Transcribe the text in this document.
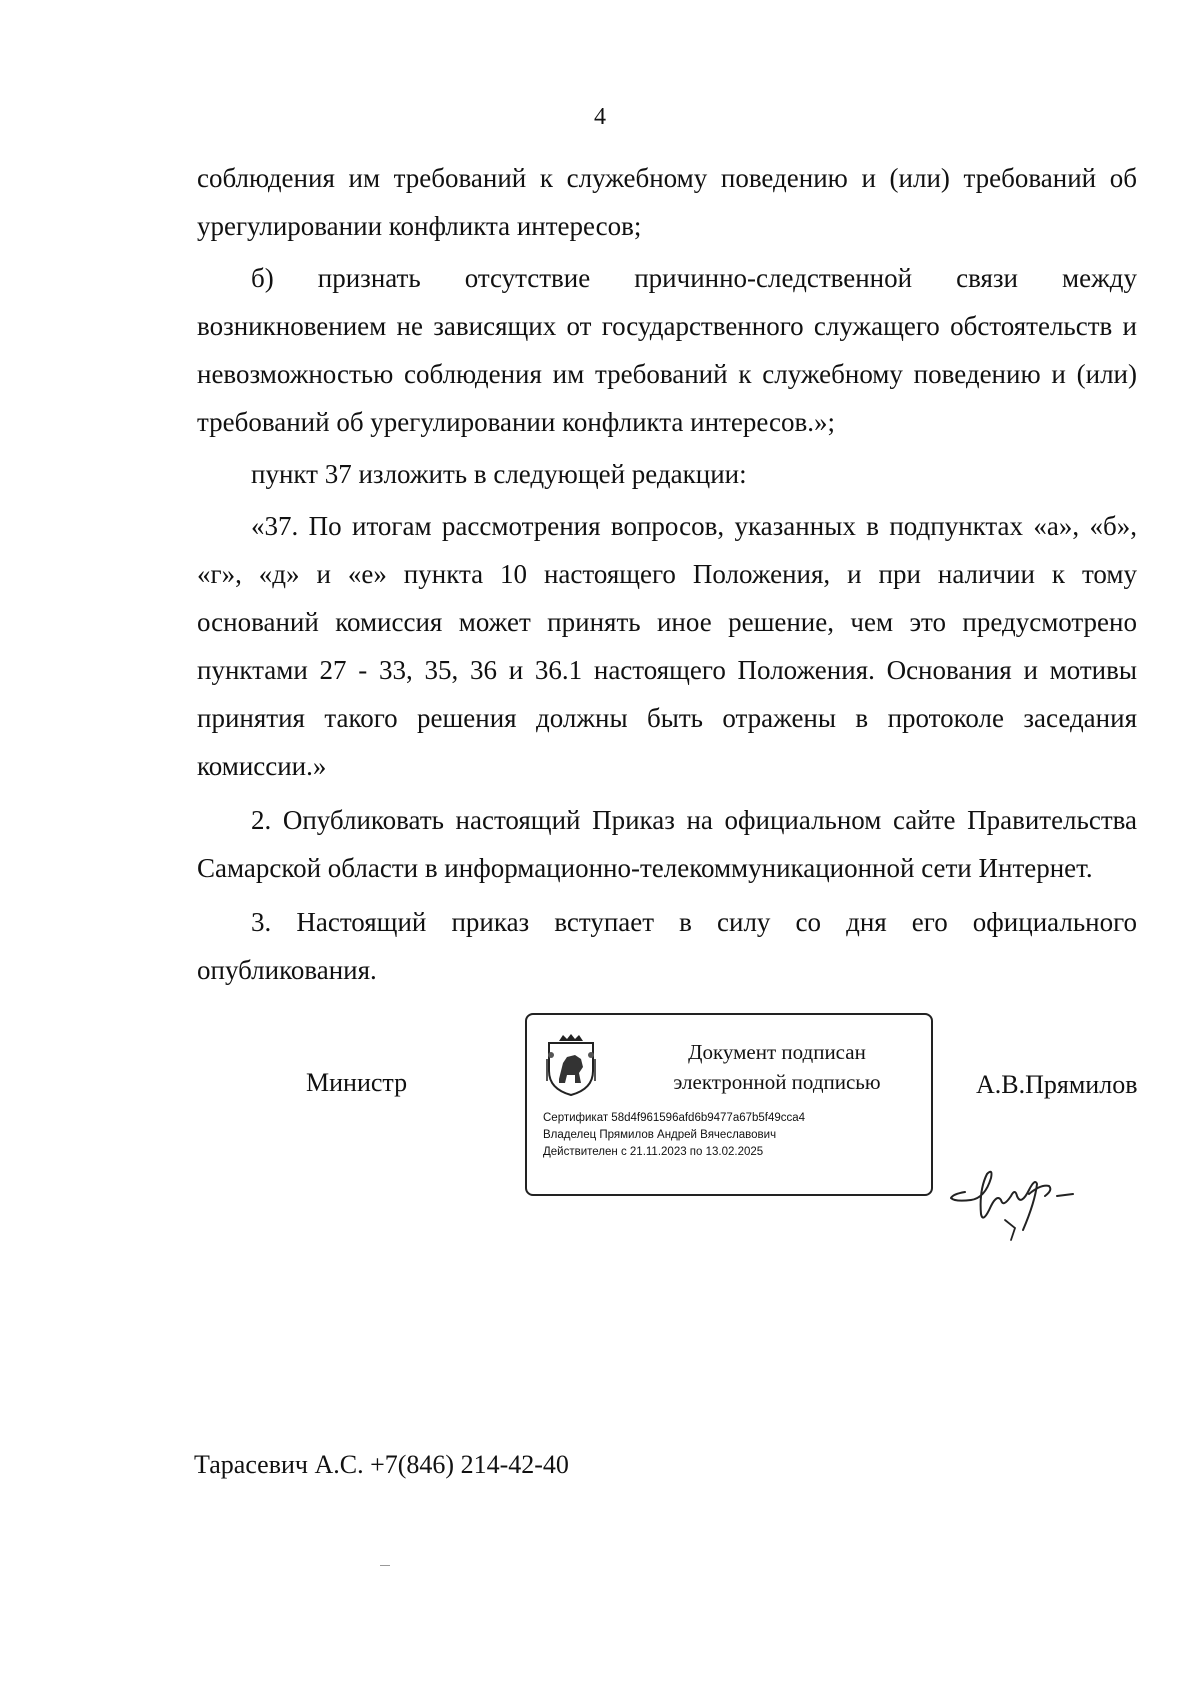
4

соблюдения им требований к служебному поведению и (или) требований об урегулировании конфликта интересов;

б) признать отсутствие причинно-следственной связи между возникновением не зависящих от государственного служащего обстоятельств и невозможностью соблюдения им требований к служебному поведению и (или) требований об урегулировании конфликта интересов.»;

пункт 37 изложить в следующей редакции:

«37. По итогам рассмотрения вопросов, указанных в подпунктах «а», «б», «г», «д» и «е» пункта 10 настоящего Положения, и при наличии к тому оснований комиссия может принять иное решение, чем это предусмотрено пунктами 27 - 33, 35, 36 и 36.1 настоящего Положения. Основания и мотивы принятия такого решения должны быть отражены в протоколе заседания комиссии.»

2. Опубликовать настоящий Приказ на официальном сайте Правительства Самарской области в информационно-телекоммуникационной сети Интернет.

3. Настоящий приказ вступает в силу со дня его официального опубликования.

Министр
Документ подписан
электронной подписью
Сертификат 58d4f961596afd6b9477a67b5f49cca4
Владелец Прямилов Андрей Вячеславович
Действителен с 21.11.2023 по 13.02.2025
А.В.Прямилов
Тарасевич А.С. +7(846) 214-42-40
